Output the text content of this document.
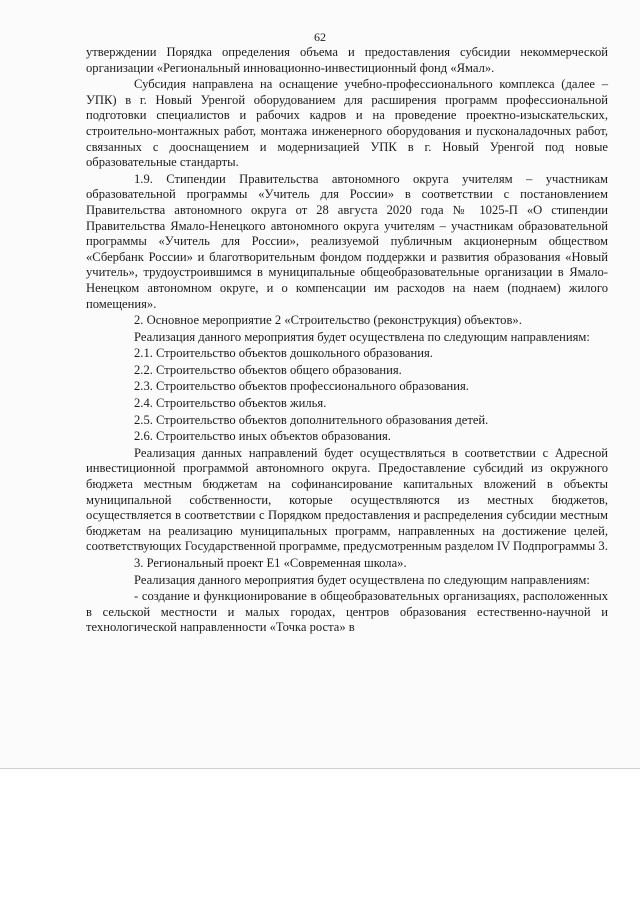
62

утверждении Порядка определения объема и предоставления субсидии некоммерческой организации «Региональный инновационно-инвестиционный фонд «Ямал».

Субсидия направлена на оснащение учебно-профессионального комплекса (далее – УПК) в г. Новый Уренгой оборудованием для расширения программ профессиональной подготовки специалистов и рабочих кадров и на проведение проектно-изыскательских, строительно-монтажных работ, монтажа инженерного оборудования и пусконаладочных работ, связанных с дооснащением и модернизацией УПК в г. Новый Уренгой под новые образовательные стандарты.

1.9. Стипендии Правительства автономного округа учителям – участникам образовательной программы «Учитель для России» в соответствии с постановлением Правительства автономного округа от 28 августа 2020 года № 1025-П «О стипендии Правительства Ямало-Ненецкого автономного округа учителям – участникам образовательной программы «Учитель для России», реализуемой публичным акционерным обществом «Сбербанк России» и благотворительным фондом поддержки и развития образования «Новый учитель», трудоустроившимся в муниципальные общеобразовательные организации в Ямало-Ненецком автономном округе, и о компенсации им расходов на наем (поднаем) жилого помещения».

2. Основное мероприятие 2 «Строительство (реконструкция) объектов».

Реализация данного мероприятия будет осуществлена по следующим направлениям:

2.1. Строительство объектов дошкольного образования.

2.2. Строительство объектов общего образования.

2.3. Строительство объектов профессионального образования.

2.4. Строительство объектов жилья.

2.5. Строительство объектов дополнительного образования детей.

2.6. Строительство иных объектов образования.

Реализация данных направлений будет осуществляться в соответствии с Адресной инвестиционной программой автономного округа. Предоставление субсидий из окружного бюджета местным бюджетам на софинансирование капитальных вложений в объекты муниципальной собственности, которые осуществляются из местных бюджетов, осуществляется в соответствии с Порядком предоставления и распределения субсидии местным бюджетам на реализацию муниципальных программ, направленных на достижение целей, соответствующих Государственной программе, предусмотренным разделом IV Подпрограммы 3.

3. Региональный проект Е1 «Современная школа».

Реализация данного мероприятия будет осуществлена по следующим направлениям:

- создание и функционирование в общеобразовательных организациях, расположенных в сельской местности и малых городах, центров образования естественно-научной и технологической направленности «Точка роста» в
